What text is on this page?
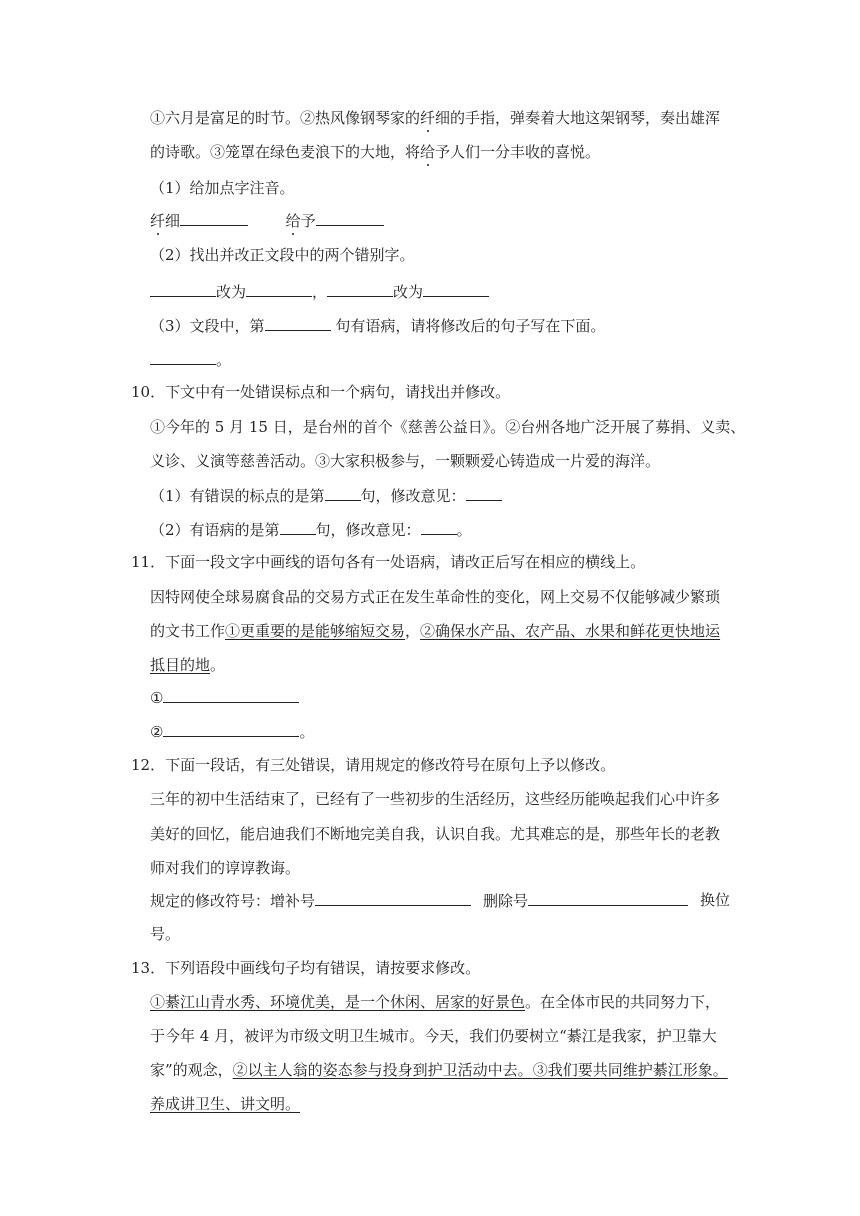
①六月是富足的时节。②热风像钢琴家的纤细的手指，弹奏着大地这架钢琴，奏出雄浑
的诗歌。③笼罩在绿色麦浪下的大地，将给予人们一分丰收的喜悦。
（1）给加点字注音。
纤细	给予
（2）找出并改正文段中的两个错别字。
改为	，	改为
（3）文段中，第	句有语病，请将修改后的句子写在下面。
。
10．下文中有一处错误标点和一个病句，请找出并修改。
①今年的 5 月 15 日，是台州的首个《慈善公益日》。②台州各地广泛开展了募捐、义卖、
义诊、义演等慈善活动。③大家积极参与，一颗颗爱心铸造成一片爱的海洋。
（1）有错误的标点的是第 句，修改意见：
（2）有语病的是第 句，修改意见： 。
11．下面一段文字中画线的语句各有一处语病，请改正后写在相应的横线上。
因特网使全球易腐食品的交易方式正在发生革命性的变化，网上交易不仅能够减少繁琐
的文书工作①更重要的是能够缩短交易，②确保水产品、农产品、水果和鲜花更快地运
抵目的地。
①
②	。
12．下面一段话，有三处错误，请用规定的修改符号在原句上予以修改。
三年的初中生活结束了，已经有了一些初步的生活经历，这些经历能唤起我们心中许多
美好的回忆，能启迪我们不断地完美自我，认识自我。尤其难忘的是，那些年长的老教
师对我们的谆谆教诲。
规定的修改符号：增补号	删除号	换位
号。
13．下列语段中画线句子均有错误，请按要求修改。
①綦江山青水秀、环境优美，是一个休闲、居家的好景色。在全体市民的共同努力下，
于今年 4 月，被评为市级文明卫生城市。今天，我们仍要树立“綦江是我家，护卫靠大
家”的观念，②以主人翁的姿态参与投身到护卫活动中去。③我们要共同维护綦江形象。
养成讲卫生、讲文明。
